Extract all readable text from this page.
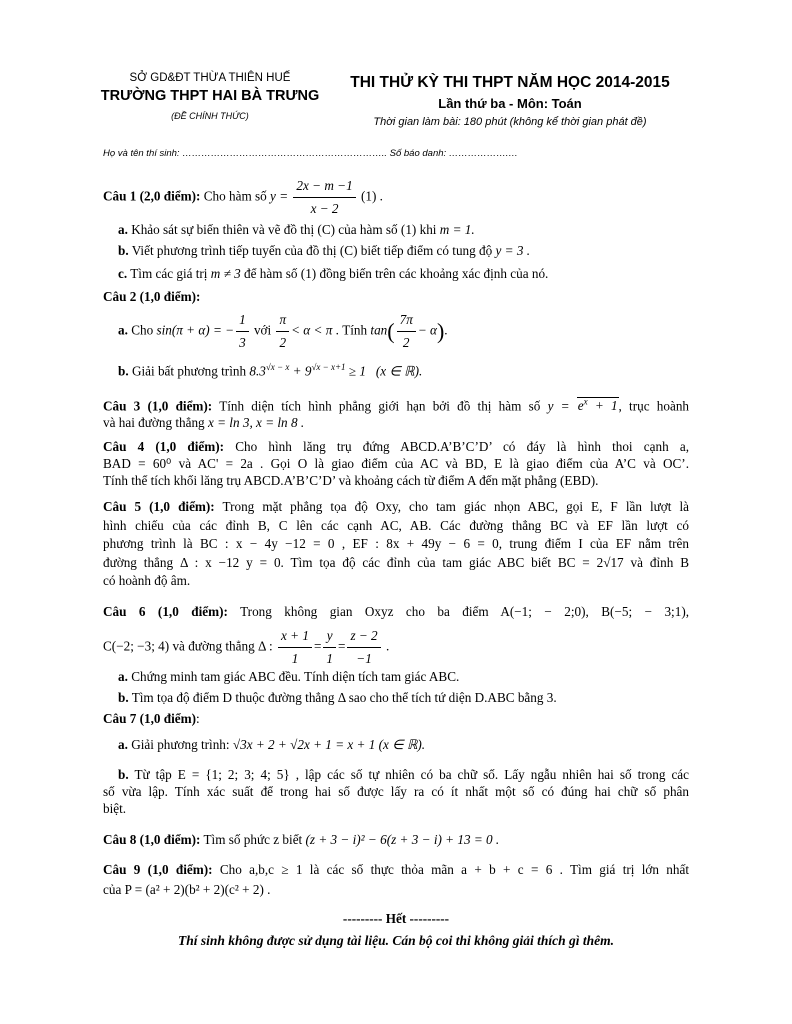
SỞ GD&ĐT THỪA THIÊN HUẾ
TRƯỜNG THPT HAI BÀ TRƯNG
(ĐỀ CHÍNH THỨC)
THI THỬ KỲ THI THPT NĂM HỌC 2014-2015
Lần thứ ba - Môn: Toán
Thời gian làm bài: 180 phút (không kể thời gian phát đề)
Họ và tên thí sinh: ……………………………………………………….. Số báo danh: ……………….…
Câu 1 (2,0 điểm): Cho hàm số $y = \frac{2x - m -1}{x - 2} (1)$ .
a. Khảo sát sự biến thiên và vẽ đồ thị (C) của hàm số (1) khi m = 1.
b. Viết phương trình tiếp tuyến của đồ thị (C) biết tiếp điểm có tung độ y = 3 .
c. Tìm các giá trị m ≠ 3 để hàm số (1) đồng biến trên các khoảng xác định của nó.
Câu 2 (1,0 điểm):
a. Cho sin(π + α) = − $\frac{1}{3}$ với $\frac{\pi}{2} < \alpha < \pi$ . Tính $\tan( \frac{7\pi}{2} - \alpha)$.
b. Giải bất phương trình $8.3^{√x - x} + 9^{√x - x+1} \ge 1$ (x ∈ ℝ).
Câu 3 (1,0 điểm): Tính diện tích hình phẳng giới hạn bởi đồ thị hàm số $y = e^x + 1$, trục hoành
và hai đường thẳng x = ln 3, x = ln 8 .
Câu 4 (1,0 điểm): Cho hình lăng trụ đứng ABCD.A’B’C’D’ có đáy là hình thoi cạnh a,
BAD = 60⁰ và AC' = 2a . Gọi O là giao điểm của AC và BD, E là giao điểm của A’C và OC’.
Tính thể tích khối lăng trụ ABCD.A’B’C’D’ và khoảng cách từ điểm A đến mặt phẳng (EBD).
Câu 5 (1,0 điểm): Trong mặt phẳng tọa độ Oxy, cho tam giác nhọn ABC, gọi E, F lần lượt là
hình chiếu của các đỉnh B, C lên các cạnh AC, AB. Các đường thẳng BC và EF lần lượt có
phương trình là BC : x − 4y −12 = 0 , EF : 8x + 49y − 6 = 0, trung điểm I của EF nằm trên
đường thẳng Δ : x −12 y = 0. Tìm tọa độ các đỉnh của tam giác ABC biết BC = 2√17 và đỉnh B
có hoành độ âm.
Câu 6 (1,0 điểm): Trong không gian Oxyz cho ba điểm A(−1; − 2;0), B(−5; − 3;1),
C(−2; −3; 4) và đường thẳng Δ : $\frac{x + 1}{1} = \frac{y}{1} = \frac{z - 2}{-1}$ .
a. Chứng minh tam giác ABC đều. Tính diện tích tam giác ABC.
b. Tìm tọa độ điểm D thuộc đường thẳng Δ sao cho thể tích tứ diện D.ABC bằng 3.
Câu 7 (1,0 điểm):
a. Giải phương trình: √3x + 2 + √2x + 1 = x + 1 (x ∈ ℝ).
b. Từ tập E = {1; 2; 3; 4; 5} , lập các số tự nhiên có ba chữ số. Lấy ngẫu nhiên hai số trong các
số vừa lập. Tính xác suất để trong hai số được lấy ra có ít nhất một số có đúng hai chữ số phân
biệt.
Câu 8 (1,0 điểm): Tìm số phức z biết (z + 3 − i)² − 6(z + 3 − i) + 13 = 0 .
Câu 9 (1,0 điểm): Cho a,b,c ≥ 1 là các số thực thỏa mãn a + b + c = 6 . Tìm giá trị lớn nhất
của P = (a² + 2)(b² + 2)(c² + 2) .
--------- Hết ---------
Thí sinh không được sử dụng tài liệu. Cán bộ coi thi không giải thích gì thêm.
